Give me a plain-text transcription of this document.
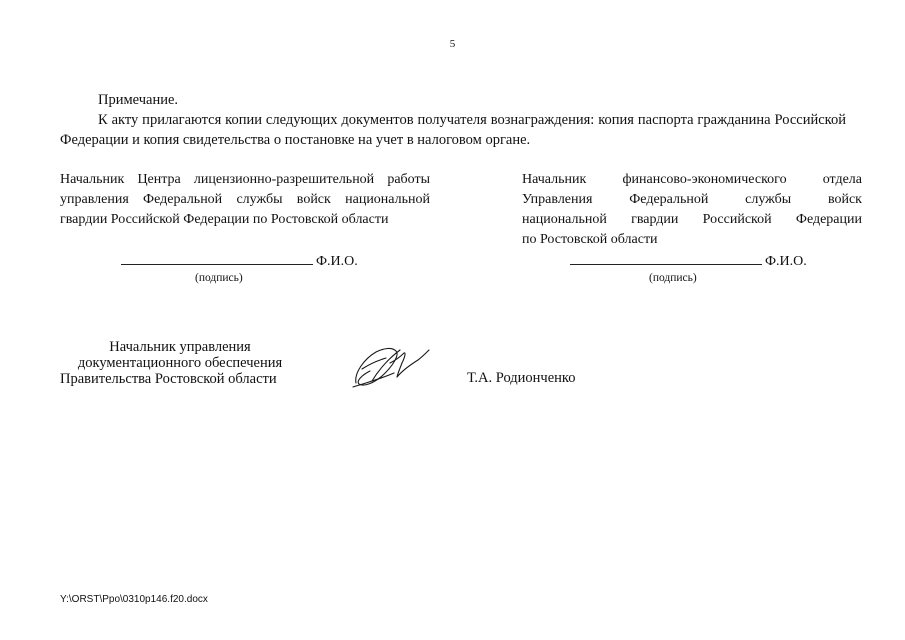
5
Примечание.
К акту прилагаются копии следующих документов получателя вознаграждения: копия паспорта гражданина Российской Федерации и копия свидетельства о постановке на учет в налоговом органе.
Начальник Центра лицензионно-разрешительной работы
управления Федеральной службы войск национальной
гвардии Российской Федерации по Ростовской области
Начальник финансово-экономического отдела
Управления Федеральной службы войск
национальной гвардии Российской Федерации
по Ростовской области
Ф.И.О.
(подпись)
Ф.И.О.
(подпись)
Начальник управления
документационного обеспечения
Правительства Ростовской области	Т.А. Родионченко
Y:\ORST\Ppo\0310p146.f20.docx
